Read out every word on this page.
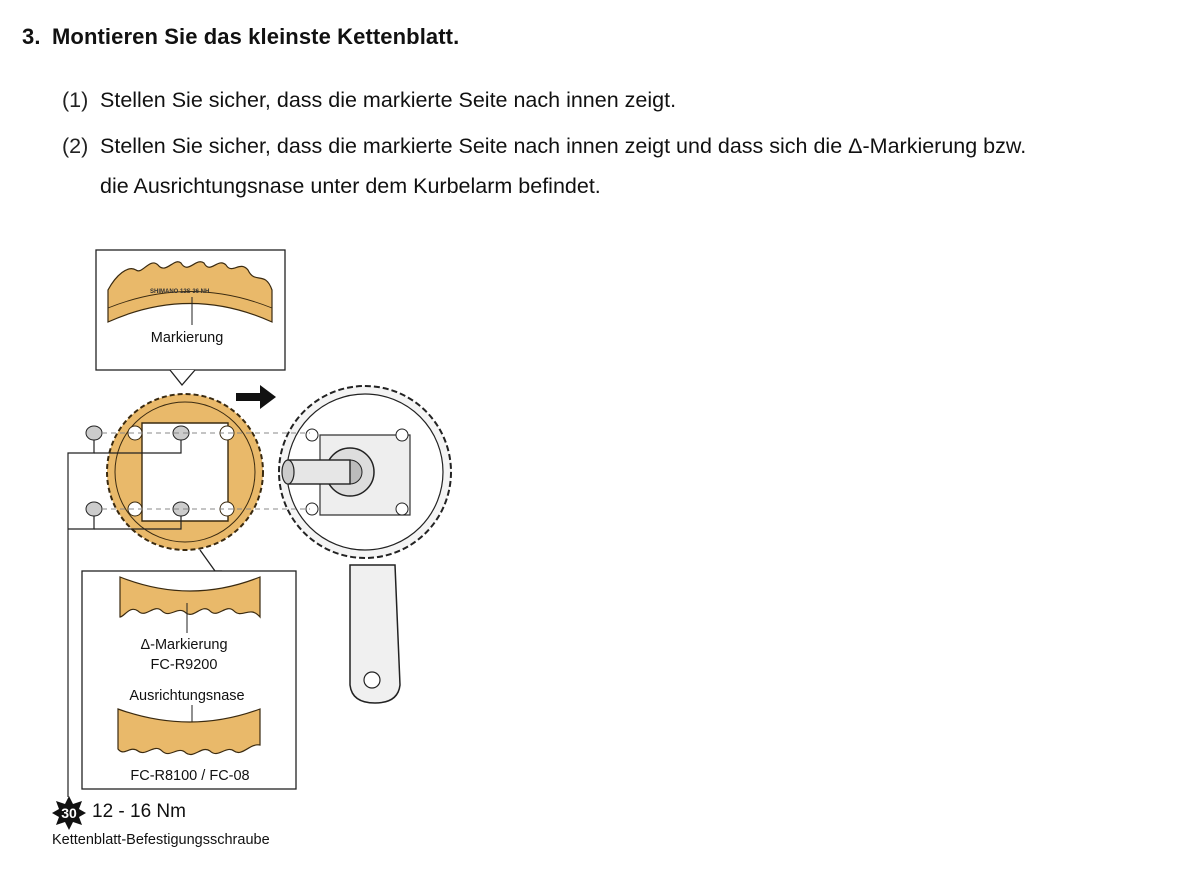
3. Montieren Sie das kleinste Kettenblatt.
(1) Stellen Sie sicher, dass die markierte Seite nach innen zeigt.
(2) Stellen Sie sicher, dass die markierte Seite nach innen zeigt und dass sich die Δ-Markierung bzw.
die Ausrichtungsnase unter dem Kurbelarm befindet.
SHIMANO 12S 36 NH
Markierung
Δ-Markierung
FC-R9200
Ausrichtungsnase
FC-R8100 / FC-08
30 12 - 16 Nm
Kettenblatt-Befestigungsschraube
